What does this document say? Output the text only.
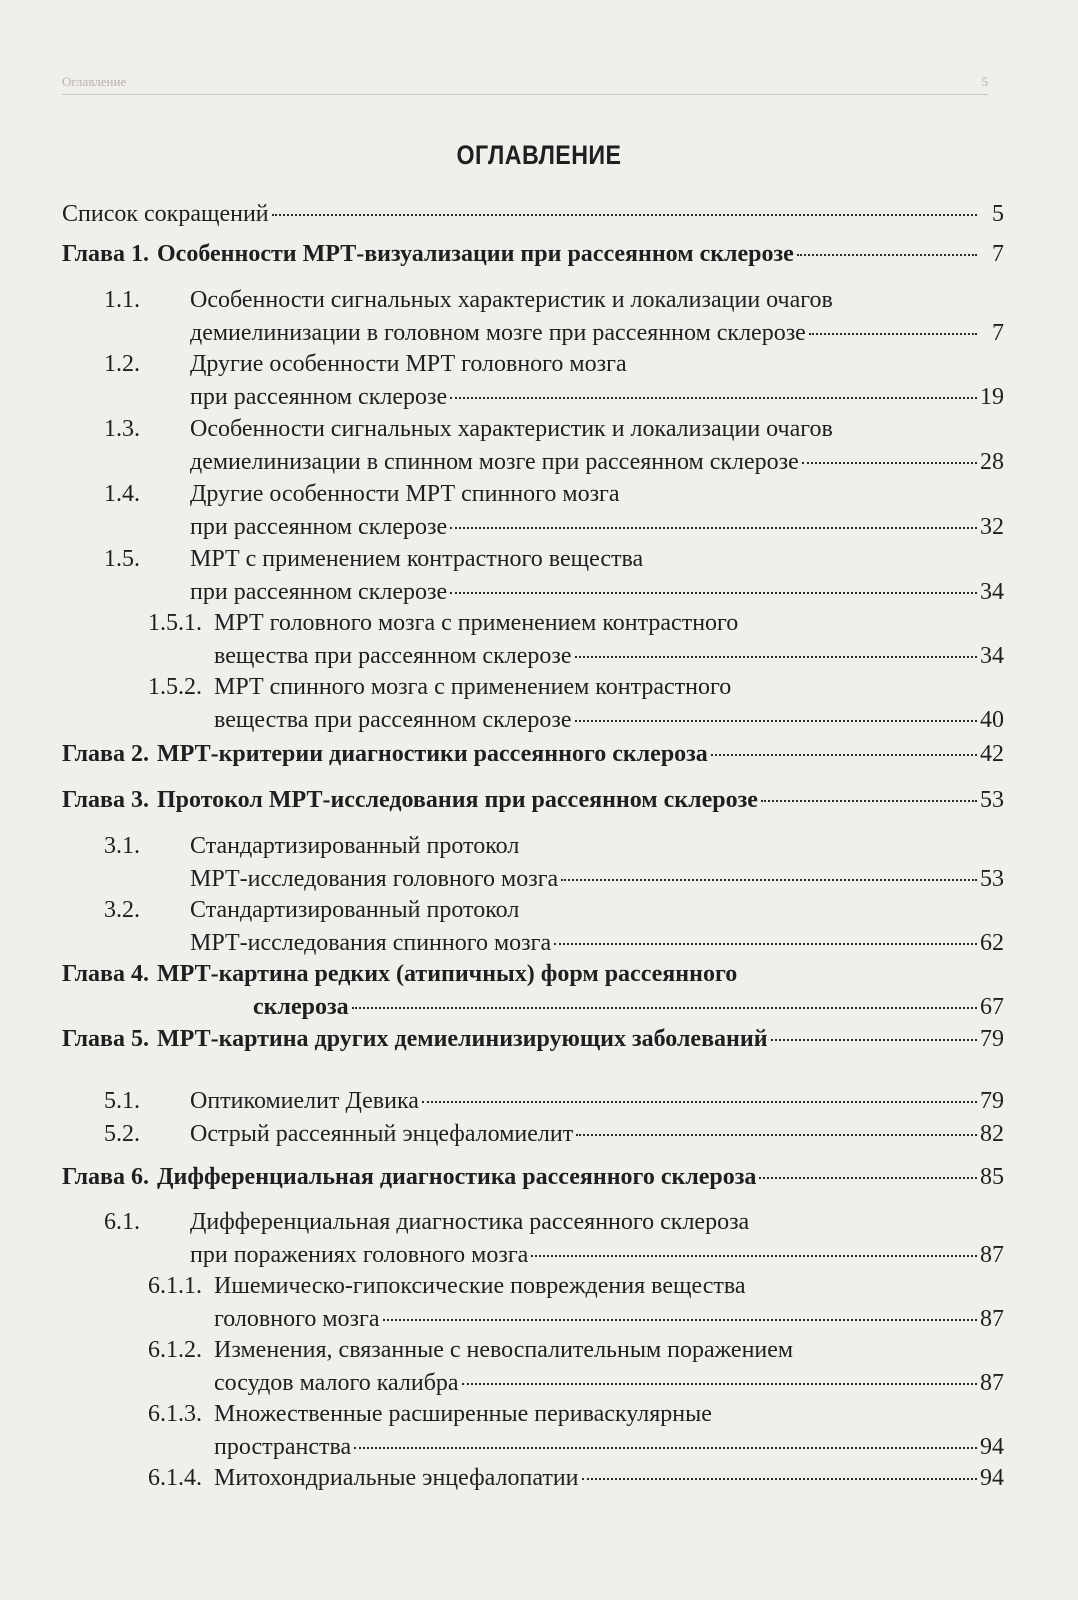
Оглавление	5
ОГЛАВЛЕНИЕ
Список сокращений	5
Глава 1. Особенности МРТ-визуализации при рассеянном склерозе	7
1.1.	Особенности сигнальных характеристик и локализации очагов
демиелинизации в головном мозге при рассеянном склерозе	7
1.2.	Другие особенности МРТ головного мозга
при рассеянном склерозе	19
1.3.	Особенности сигнальных характеристик и локализации очагов
демиелинизации в спинном мозге при рассеянном склерозе	28
1.4.	Другие особенности МРТ спинного мозга
при рассеянном склерозе	32
1.5.	МРТ с применением контрастного вещества
при рассеянном склерозе	34
1.5.1. МРТ головного мозга с применением контрастного
вещества при рассеянном склерозе	34
1.5.2. МРТ спинного мозга с применением контрастного
вещества при рассеянном склерозе	40
Глава 2. МРТ-критерии диагностики рассеянного склероза	42
Глава 3. Протокол МРТ-исследования при рассеянном склерозе	53
3.1.	Стандартизированный протокол
МРТ-исследования головного мозга	53
3.2.	Стандартизированный протокол
МРТ-исследования спинного мозга	62
Глава 4. МРТ-картина редких (атипичных) форм рассеянного
склероза	67
Глава 5. МРТ-картина других демиелинизирующих заболеваний	79
5.1.	Оптикомиелит Девика	79
5.2.	Острый рассеянный энцефаломиелит	82
Глава 6. Дифференциальная диагностика рассеянного склероза	85
6.1.	Дифференциальная диагностика рассеянного склероза
при поражениях головного мозга	87
6.1.1. Ишемическо-гипоксические повреждения вещества
головного мозга	87
6.1.2. Изменения, связанные с невоспалительным поражением
сосудов малого калибра	87
6.1.3. Множественные расширенные периваскулярные
пространства	94
6.1.4. Митохондриальные энцефалопатии	94
